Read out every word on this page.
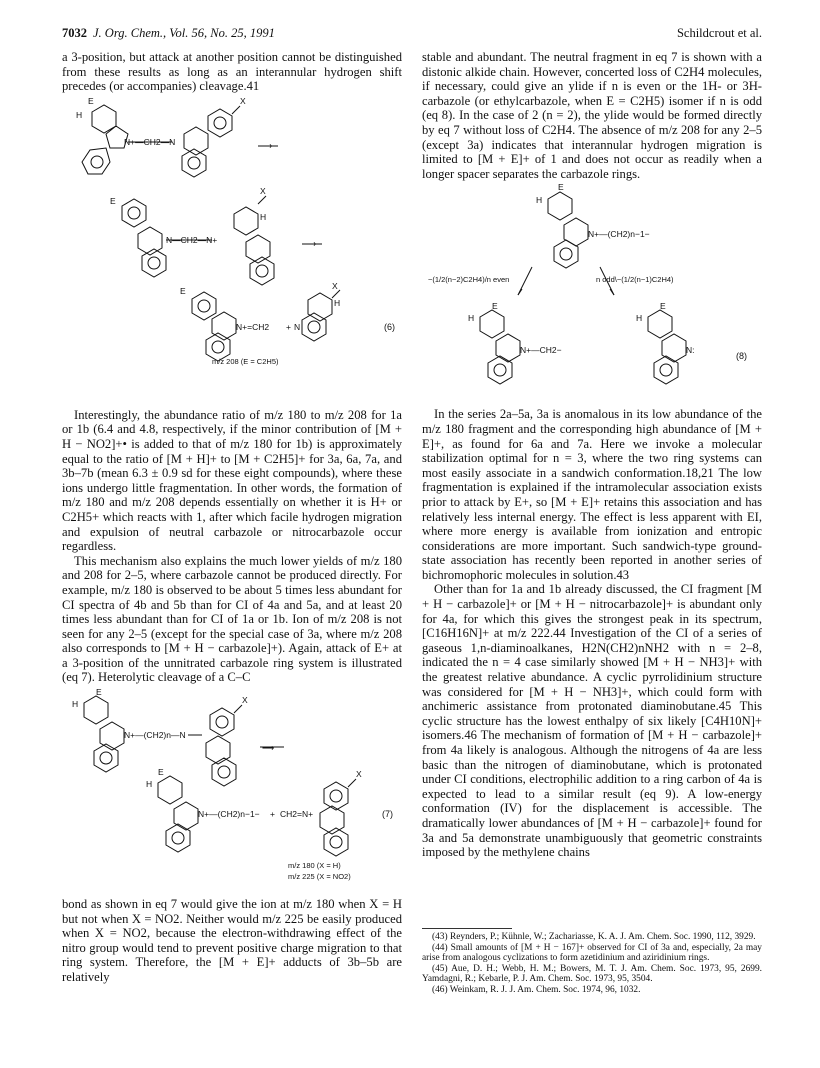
7032 J. Org. Chem., Vol. 56, No. 25, 1991	Schildcrout et al.

a 3-position, but attack at another position cannot be distinguished from these results as long as an interannular hydrogen shift precedes (or accompanies) cleavage.41

E
H
X
N+—CH2—N	⟶
E
X
H
N—CH2—N+	⟶
E	X
H
N+=CH2 + N	(6)
m/z 208 (E = C2H5)

Interestingly, the abundance ratio of m/z 180 to m/z 208 for 1a or 1b (6.4 and 4.8, respectively, if the minor contribution of [M + H − NO2]+• is added to that of m/z 180 for 1b) is approximately equal to the ratio of [M + H]+ to [M + C2H5]+ for 3a, 6a, 7a, and 3b–7b (mean 6.3 ± 0.9 sd for these eight compounds), where these ions undergo little fragmentation. In other words, the formation of m/z 180 and m/z 208 depends essentially on whether it is H+ or C2H5+ which reacts with 1, after which facile hydrogen migration and expulsion of neutral carbazole or nitrocarbazole occur regardless.

This mechanism also explains the much lower yields of m/z 180 and 208 for 2–5, where carbazole cannot be produced directly. For example, m/z 180 is observed to be about 5 times less abundant for CI spectra of 4b and 5b than for CI of 4a and 5a, and at least 20 times less abundant than for CI of 1a or 1b. Ion of m/z 208 is not seen for any 2–5 (except for the special case of 3a, where m/z 208 also corresponds to [M + H − carbazole]+). Again, attack of E+ at a 3-position of the unnitrated carbazole ring system is illustrated (eq 7). Heterolytic cleavage of a C–C

E
H	X
N+—(CH2)n—N
⟶
E
H
X
N+—(CH2)n−1− + CH2=N+	(7)
m/z 180 (X = H)
m/z 225 (X = NO2)

bond as shown in eq 7 would give the ion at m/z 180 when X = H but not when X = NO2. Neither would m/z 225 be easily produced when X = NO2, because the electron-withdrawing effect of the nitro group would tend to prevent positive charge migration to that ring system. Therefore, the [M + E]+ adducts of 3b–5b are relatively

stable and abundant. The neutral fragment in eq 7 is shown with a distonic alkide chain. However, concerted loss of C2H4 molecules, if necessary, could give an ylide if n is even or the 1H- or 3H-carbazole (or ethylcarbazole, when E = C2H5) isomer if n is odd (eq 8). In the case of 2 (n = 2), the ylide would be formed directly by eq 7 without loss of C2H4. The absence of m/z 208 for any 2–5 (except 3a) indicates that interannular hydrogen migration is limited to [M + E]+ of 1 and does not occur as readily when a longer spacer separates the carbazole rings.

E
H
N+—(CH2)n−1−
−(1/2(n−2)C2H4)/n even	n odd\−(1/2(n−1)C2H4)
E
H
N+—CH2−
E
H
N:
(8)

In the series 2a–5a, 3a is anomalous in its low abundance of the m/z 180 fragment and the corresponding high abundance of [M + E]+, as found for 6a and 7a. Here we invoke a molecular stabilization optimal for n = 3, where the two ring systems can most easily associate in a sandwich conformation.18,21 The low fragmentation is explained if the intramolecular association exists prior to attack by E+, so [M + E]+ retains this association and has relatively less internal energy. The effect is less apparent with EI, where more energy is available from ionization and entropic considerations are more important. Such sandwich-type ground-state association has recently been reported in another series of bichromophoric molecules in solution.43

Other than for 1a and 1b already discussed, the CI fragment [M + H − carbazole]+ or [M + H − nitrocarbazole]+ is abundant only for 4a, for which this gives the strongest peak in its spectrum, [C16H16N]+ at m/z 222.44 Investigation of the CI of a series of gaseous 1,n-diaminoalkanes, H2N(CH2)nNH2 with n = 2–8, indicated the n = 4 case similarly showed [M + H − NH3]+ with the greatest relative abundance. A cyclic pyrrolidinium structure was considered for [M + H − NH3]+, which could form with anchimeric assistance from protonated diaminobutane.45 This cyclic structure has the lowest enthalpy of six likely [C4H10N]+ isomers.46 The mechanism of formation of [M + H − carbazole]+ from 4a likely is analogous. Although the nitrogens of 4a are less basic than the nitrogen of diaminobutane, which is protonated under CI conditions, electrophilic addition to a ring carbon of 4a is expected to lead to a similar result (eq 9). A low-energy conformation (IV) for the displacement is accessible. The dramatically lower abundances of [M + H − carbazole]+ found for 3a and 5a demonstrate unambiguously that geometric constraints imposed by the methylene chains

(43) Reynders, P.; Kühnle, W.; Zachariasse, K. A. J. Am. Chem. Soc. 1990, 112, 3929.

(44) Small amounts of [M + H − 167]+ observed for CI of 3a and, especially, 2a may arise from analogous cyclizations to form azetidinium and aziridinium rings.

(45) Aue, D. H.; Webb, H. M.; Bowers, M. T. J. Am. Chem. Soc. 1973, 95, 2699. Yamdagni, R.; Kebarle, P. J. Am. Chem. Soc. 1973, 95, 3504.

(46) Weinkam, R. J. J. Am. Chem. Soc. 1974, 96, 1032.
